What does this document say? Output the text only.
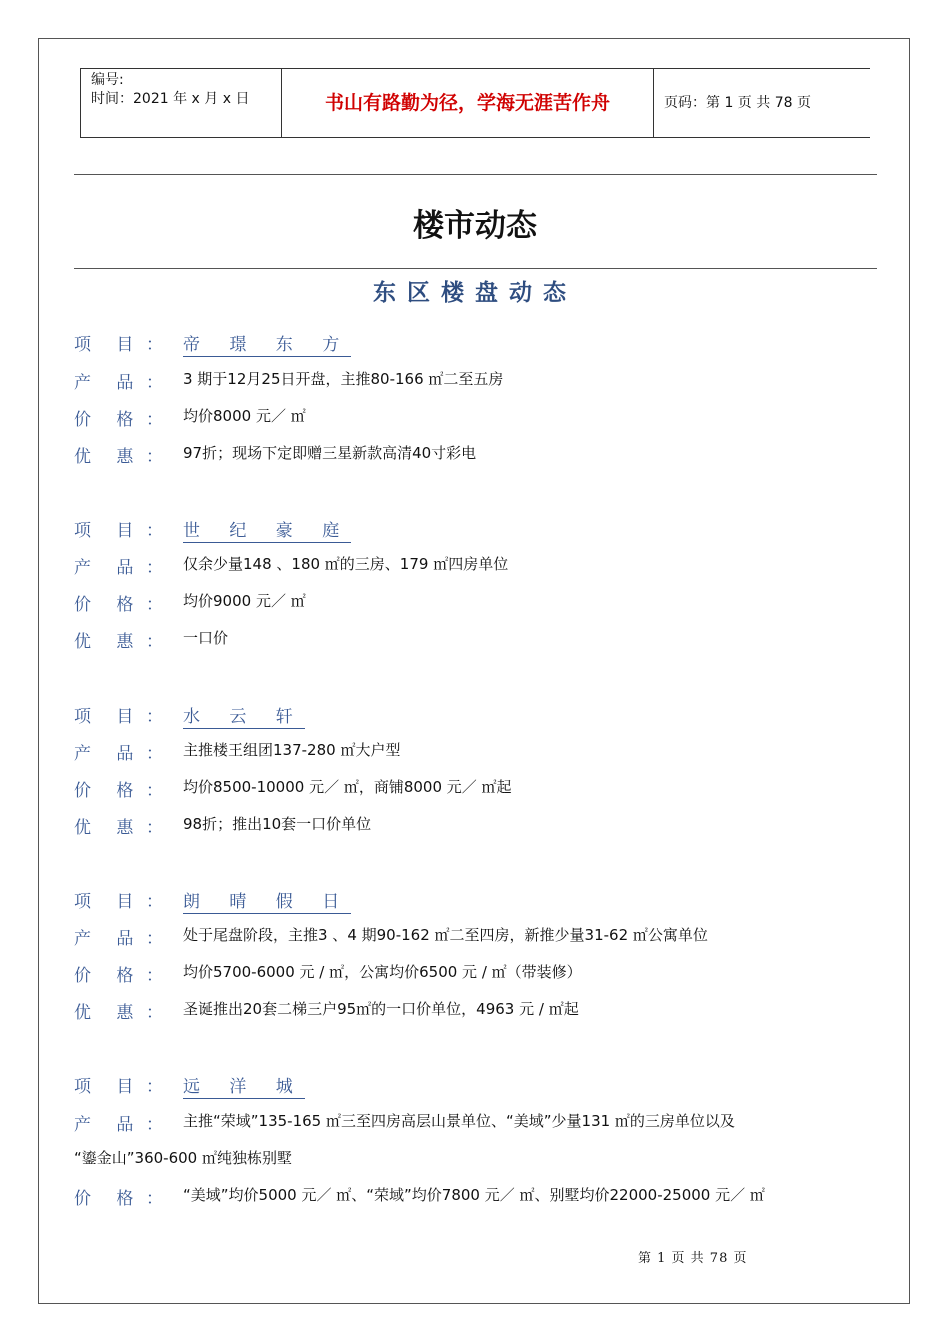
编号:
时间：2021 年 x 月 x 日	书山有路勤为径，学海无涯苦作舟	页码：第 1 页 共 78 页
楼市动态
东区楼盘动态
项 目 ： 帝 璟 东 方
产 品 ： 3 期于12月25日开盘，主推80-166 ㎡二至五房
价 格 ： 均价8000 元／ ㎡
优 惠 ： 97折；现场下定即赠三星新款高清40寸彩电
项 目 ： 世 纪 豪 庭
产 品 ： 仅余少量148 、180 ㎡的三房、179 ㎡四房单位
价 格 ： 均价9000 元／ ㎡
优 惠 ： 一口价
项 目 ： 水 云 轩
产 品 ： 主推楼王组团137-280 ㎡大户型
价 格 ： 均价8500-10000 元／ ㎡，商铺8000 元／ ㎡起
优 惠 ： 98折；推出10套一口价单位
项 目 ： 朗 晴 假 日
产 品 ： 处于尾盘阶段，主推3 、4 期90-162 ㎡二至四房，新推少量31-62 ㎡公寓单位
价 格 ： 均价5700-6000 元 / ㎡，公寓均价6500 元 / ㎡（带装修）
优 惠 ： 圣诞推出20套二梯三户95㎡的一口价单位，4963 元 / ㎡起
项 目 ： 远 洋 城
产 品 ： 主推“荣域”135-165 ㎡三至四房高层山景单位、“美域”少量131 ㎡的三房单位以及
“鎏金山”360-600 ㎡纯独栋别墅
价 格 ： “美域”均价5000 元／ ㎡、“荣域”均价7800 元／ ㎡、别墅均价22000-25000 元／ ㎡
第 1 页 共 78 页
